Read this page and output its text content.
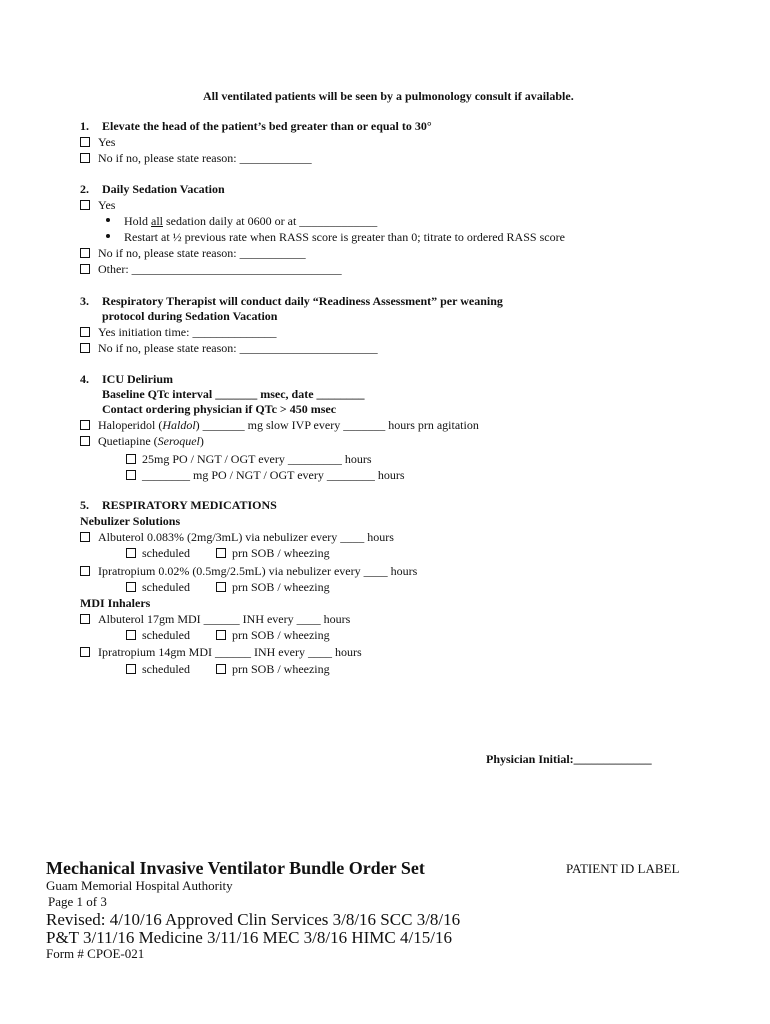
All ventilated patients will be seen by a pulmonology consult if available.
1. Elevate the head of the patient’s bed greater than or equal to 30°
Yes
No if no, please state reason: ____________
2. Daily Sedation Vacation
Yes
Hold all sedation daily at 0600 or at _____________
Restart at ½ previous rate when RASS score is greater than 0; titrate to ordered RASS score
No if no, please state reason: ___________
Other: ___________________________________
3. Respiratory Therapist will conduct daily “Readiness Assessment” per weaning
protocol during Sedation Vacation
Yes initiation time: ______________
No if no, please state reason: _______________________
4. ICU Delirium
Baseline QTc interval _______ msec, date ________
Contact ordering physician if QTc > 450 msec
Haloperidol (Haldol) _______ mg slow IVP every _______ hours prn agitation
Quetiapine (Seroquel)
25mg PO / NGT / OGT every _________ hours
________ mg PO / NGT / OGT every ________ hours
5. RESPIRATORY MEDICATIONS
Nebulizer Solutions
Albuterol 0.083% (2mg/3mL) via nebulizer every ____ hours
scheduled	prn SOB / wheezing
Ipratropium 0.02% (0.5mg/2.5mL) via nebulizer every ____ hours
scheduled	prn SOB / wheezing
MDI Inhalers
Albuterol 17gm MDI ______ INH every ____ hours
scheduled	prn SOB / wheezing
Ipratropium 14gm MDI ______ INH every ____ hours
scheduled	prn SOB / wheezing
Physician Initial:_____________
Mechanical Invasive Ventilator Bundle Order Set	PATIENT ID LABEL
Guam Memorial Hospital Authority
Page 1 of 3
Revised: 4/10/16 Approved Clin Services 3/8/16 SCC 3/8/16
P&T 3/11/16 Medicine 3/11/16 MEC 3/8/16 HIMC 4/15/16
Form # CPOE-021
